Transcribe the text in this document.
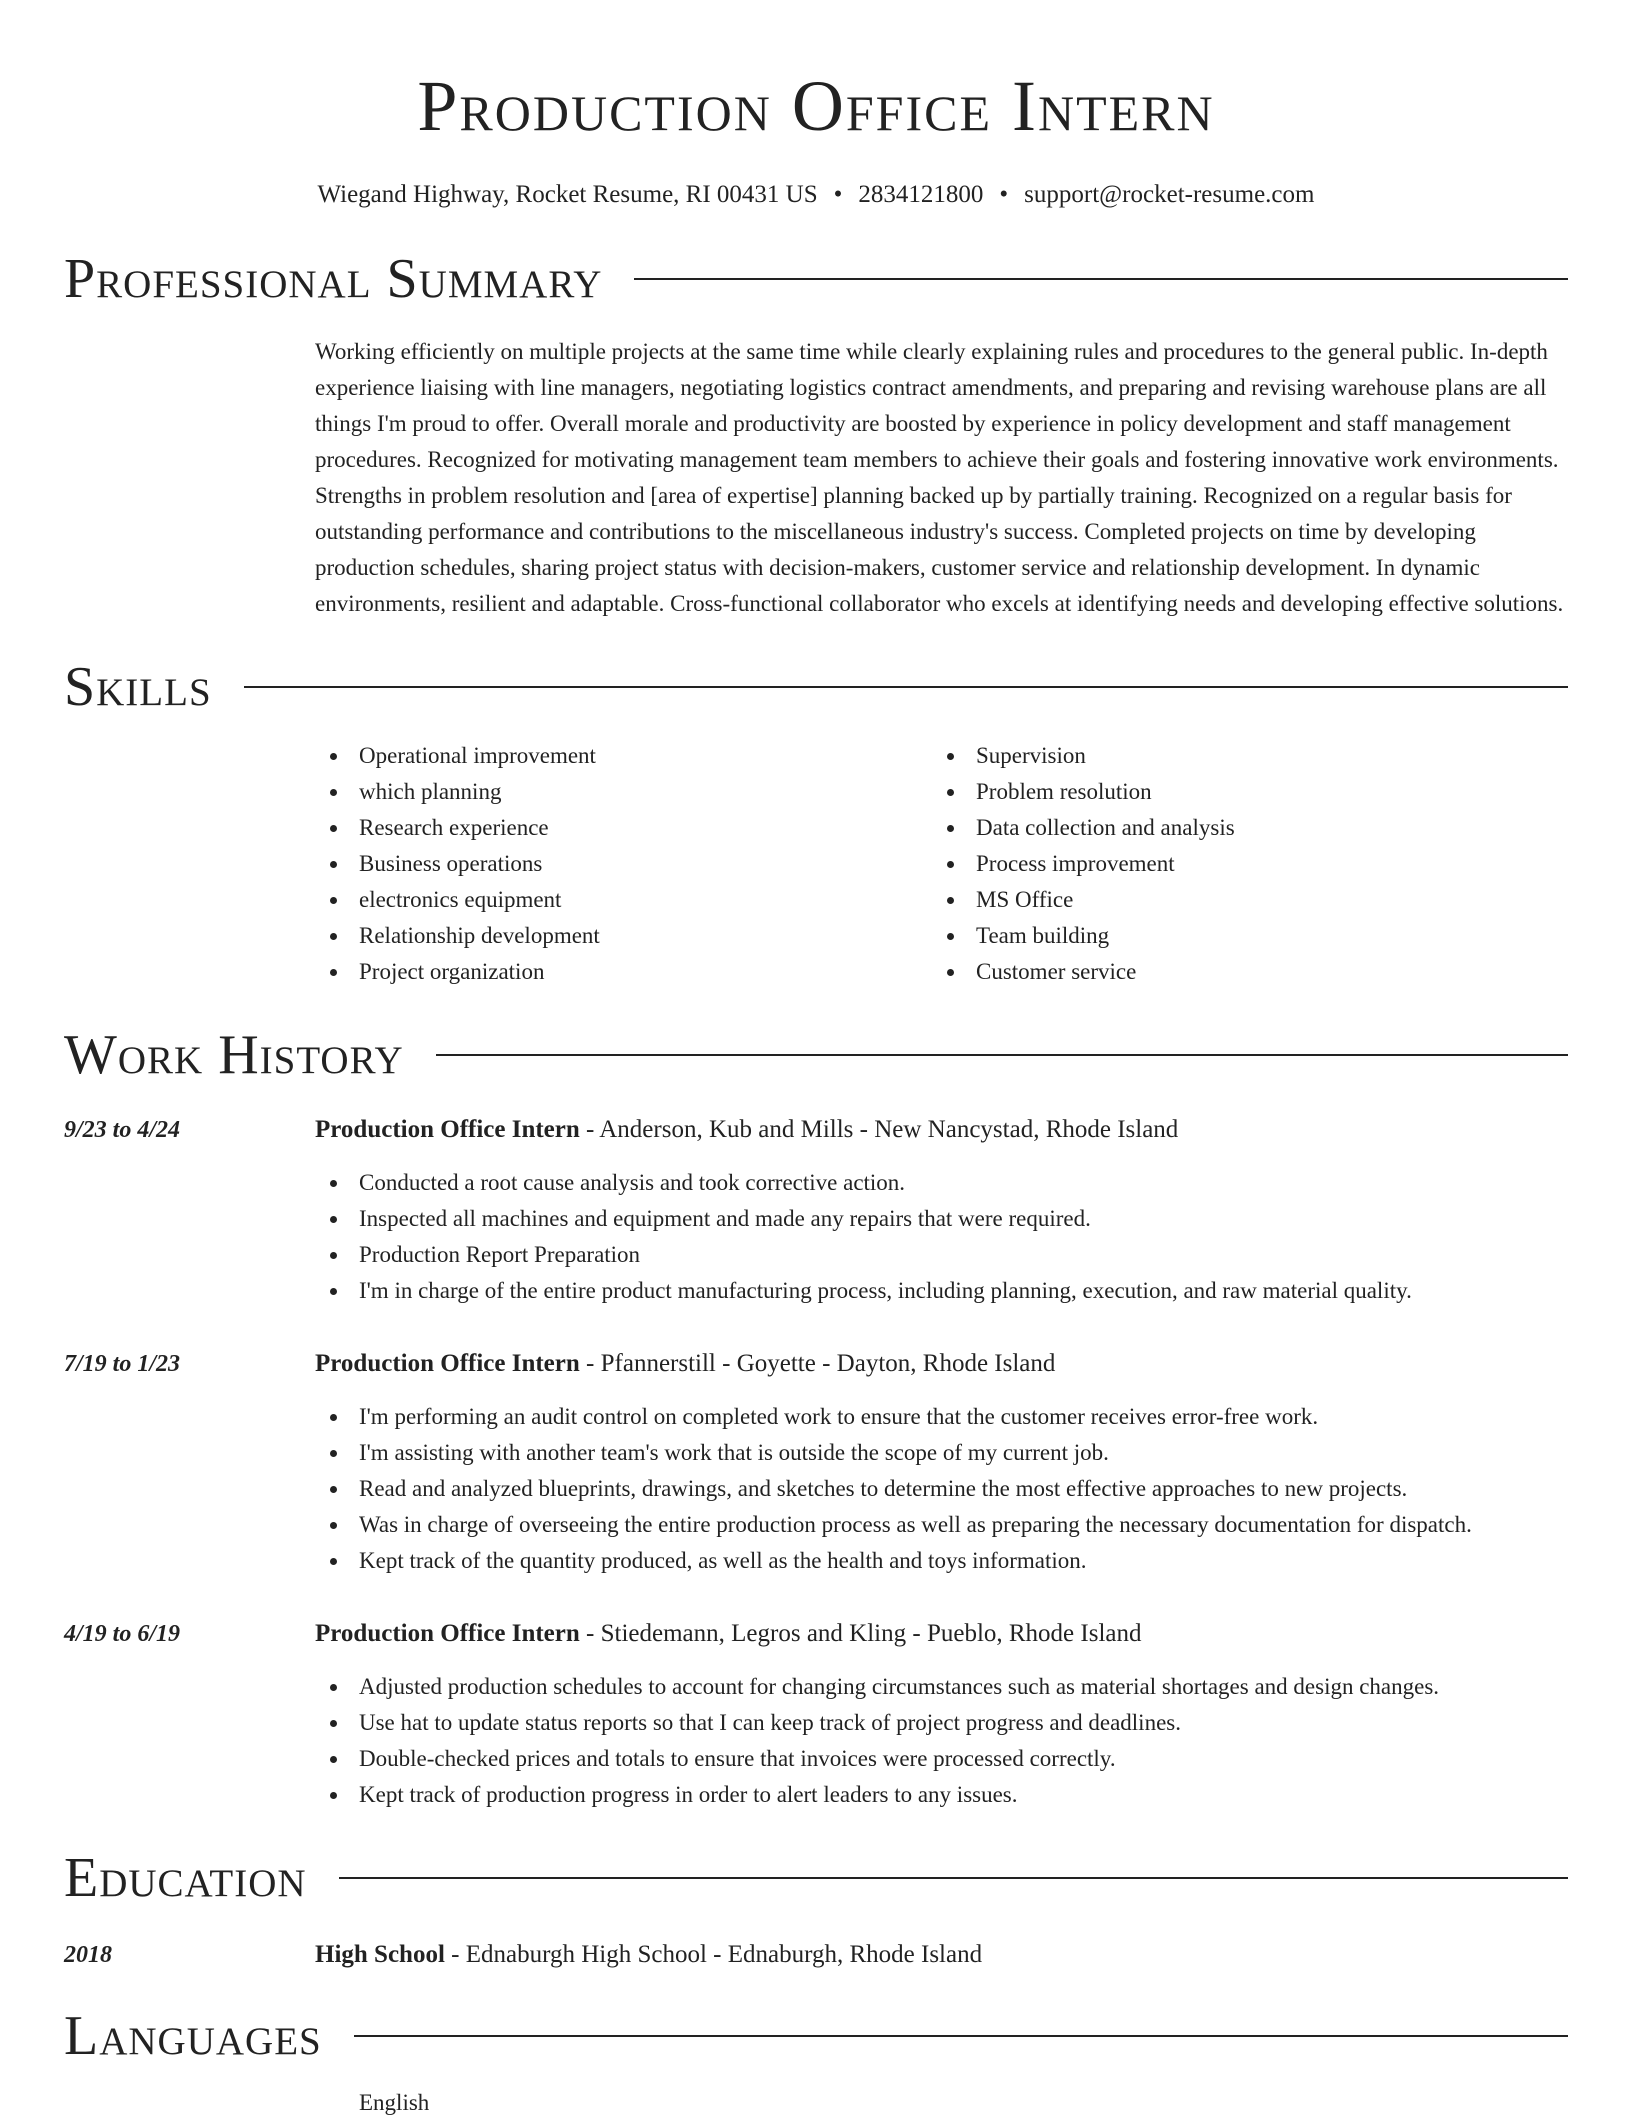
Production Office Intern
Wiegand Highway, Rocket Resume, RI 00431 US • 2834121800 • support@rocket-resume.com
Professional Summary
Working efficiently on multiple projects at the same time while clearly explaining rules and procedures to the general public. In-depth experience liaising with line managers, negotiating logistics contract amendments, and preparing and revising warehouse plans are all things I'm proud to offer. Overall morale and productivity are boosted by experience in policy development and staff management procedures. Recognized for motivating management team members to achieve their goals and fostering innovative work environments. Strengths in problem resolution and [area of expertise] planning backed up by partially training. Recognized on a regular basis for outstanding performance and contributions to the miscellaneous industry's success. Completed projects on time by developing production schedules, sharing project status with decision-makers, customer service and relationship development. In dynamic environments, resilient and adaptable. Cross-functional collaborator who excels at identifying needs and developing effective solutions.
Skills
Operational improvement
which planning
Research experience
Business operations
electronics equipment
Relationship development
Project organization
Supervision
Problem resolution
Data collection and analysis
Process improvement
MS Office
Team building
Customer service
Work History
9/23 to 4/24	Production Office Intern - Anderson, Kub and Mills - New Nancystad, Rhode Island
Conducted a root cause analysis and took corrective action.
Inspected all machines and equipment and made any repairs that were required.
Production Report Preparation
I'm in charge of the entire product manufacturing process, including planning, execution, and raw material quality.
7/19 to 1/23	Production Office Intern - Pfannerstill - Goyette - Dayton, Rhode Island
I'm performing an audit control on completed work to ensure that the customer receives error-free work.
I'm assisting with another team's work that is outside the scope of my current job.
Read and analyzed blueprints, drawings, and sketches to determine the most effective approaches to new projects.
Was in charge of overseeing the entire production process as well as preparing the necessary documentation for dispatch.
Kept track of the quantity produced, as well as the health and toys information.
4/19 to 6/19	Production Office Intern - Stiedemann, Legros and Kling - Pueblo, Rhode Island
Adjusted production schedules to account for changing circumstances such as material shortages and design changes.
Use hat to update status reports so that I can keep track of project progress and deadlines.
Double-checked prices and totals to ensure that invoices were processed correctly.
Kept track of production progress in order to alert leaders to any issues.
Education
2018	High School - Ednaburgh High School - Ednaburgh, Rhode Island
Languages
English
